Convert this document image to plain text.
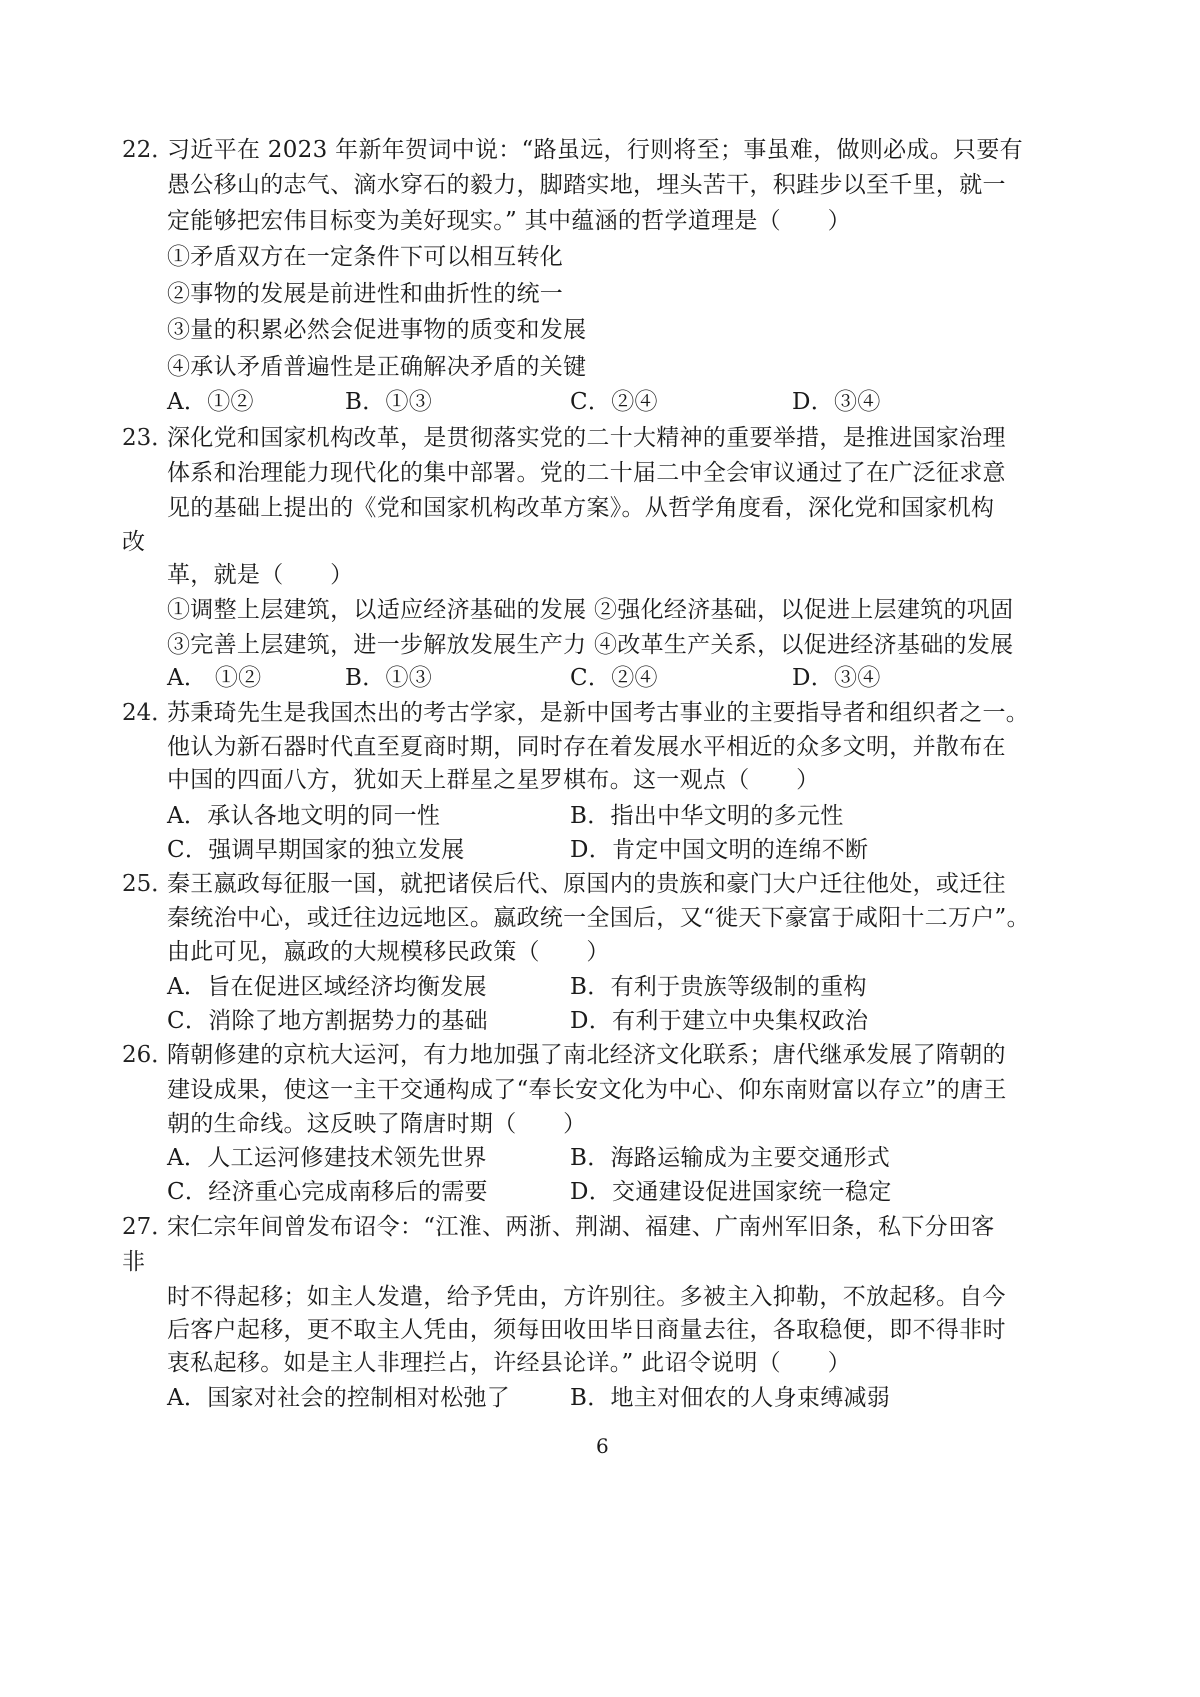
22．
习近平在 2023 年新年贺词中说：“路虽远，行则将至；事虽难，做则必成。只要有
愚公移山的志气、滴水穿石的毅力，脚踏实地，埋头苦干，积跬步以至千里，就一
定能够把宏伟目标变为美好现实。” 其中蕴涵的哲学道理是（　　）
①矛盾双方在一定条件下可以相互转化
②事物的发展是前进性和曲折性的统一
③量的积累必然会促进事物的质变和发展
④承认矛盾普遍性是正确解决矛盾的关键
A．①②	B．①③	C．②④	D．③④
23．
深化党和国家机构改革，是贯彻落实党的二十大精神的重要举措，是推进国家治理
体系和治理能力现代化的集中部署。党的二十届二中全会审议通过了在广泛征求意
见的基础上提出的《党和国家机构改革方案》。从哲学角度看，深化党和国家机构
改
革，就是（　　）
①调整上层建筑，以适应经济基础的发展 ②强化经济基础，以促进上层建筑的巩固
③完善上层建筑，进一步解放发展生产力 ④改革生产关系，以促进经济基础的发展
A． ①②	B．①③	C．②④	D．③④
24．
苏秉琦先生是我国杰出的考古学家，是新中国考古事业的主要指导者和组织者之一。
他认为新石器时代直至夏商时期，同时存在着发展水平相近的众多文明，并散布在
中国的四面八方，犹如天上群星之星罗棋布。这一观点（　　）
A．承认各地文明的同一性	B．指出中华文明的多元性
C．强调早期国家的独立发展	D．肯定中国文明的连绵不断
25．
秦王嬴政每征服一国，就把诸侯后代、原国内的贵族和豪门大户迁往他处，或迁往
秦统治中心，或迁往边远地区。嬴政统一全国后，又“徙天下豪富于咸阳十二万户”。
由此可见，嬴政的大规模移民政策（　　）
A．旨在促进区域经济均衡发展	B．有利于贵族等级制的重构
C．消除了地方割据势力的基础	D．有利于建立中央集权政治
26．
隋朝修建的京杭大运河，有力地加强了南北经济文化联系；唐代继承发展了隋朝的
建设成果，使这一主干交通构成了“奉长安文化为中心、仰东南财富以存立”的唐王
朝的生命线。这反映了隋唐时期（　　）
A．人工运河修建技术领先世界	B．海路运输成为主要交通形式
C．经济重心完成南移后的需要	D．交通建设促进国家统一稳定
27．
宋仁宗年间曾发布诏令：“江淮、两浙、荆湖、福建、广南州军旧条，私下分田客
非
时不得起移；如主人发遣，给予凭由，方许别往。多被主入抑勒，不放起移。自今
后客户起移，更不取主人凭由，须每田收田毕日商量去往，各取稳便，即不得非时
衷私起移。如是主人非理拦占，许经县论详。” 此诏令说明（　　）
A．国家对社会的控制相对松弛了	B．地主对佃农的人身束缚减弱
6
